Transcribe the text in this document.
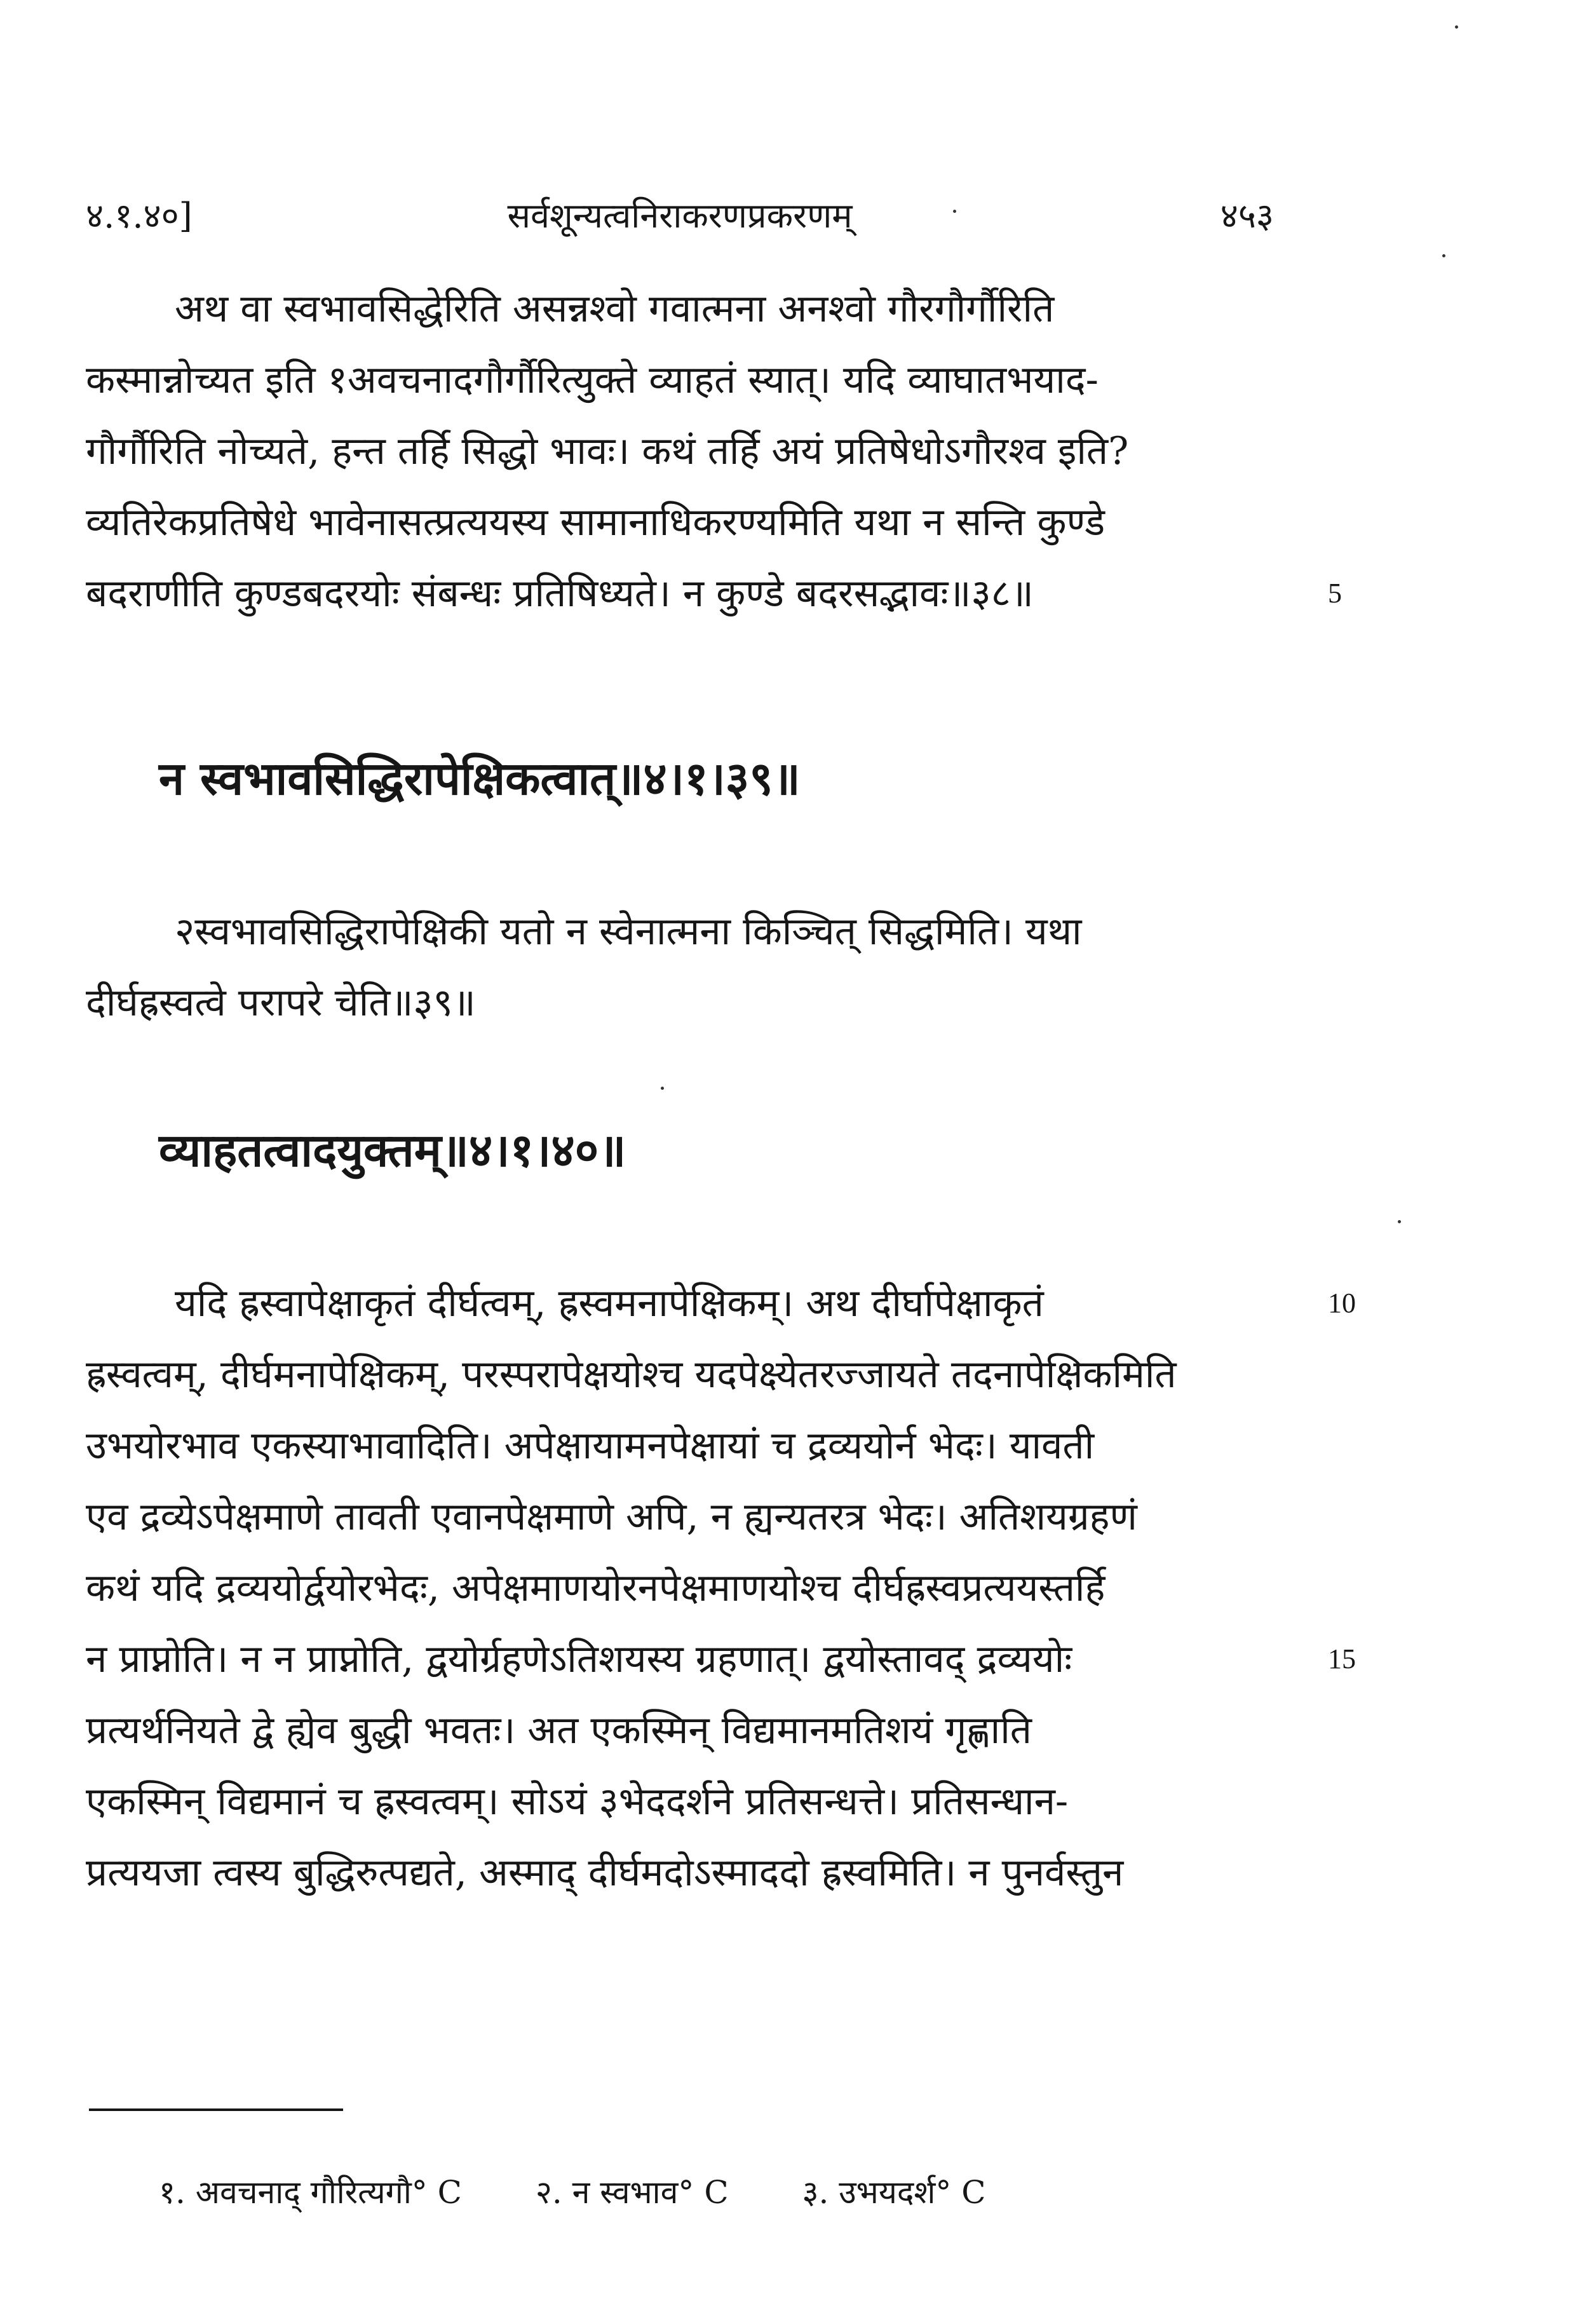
४.१.४०]	सर्वशून्यत्वनिराकरणप्रकरणम्	४५३
अथ वा स्वभावसिद्धेरिति असन्नश्वो गवात्मना अनश्वो गौरगौर्गौरिति
कस्मान्नोच्यत इति १अवचनादगौर्गौरित्युक्ते व्याहतं स्यात्। यदि व्याघातभयाद-
गौर्गौरिति नोच्यते, हन्त तर्हि सिद्धो भावः। कथं तर्हि अयं प्रतिषेधोऽगौरश्व इति?
व्यतिरेकप्रतिषेधे भावेनासत्प्रत्ययस्य सामानाधिकरण्यमिति यथा न सन्ति कुण्डे
बदराणीति कुण्डबदरयोः संबन्धः प्रतिषिध्यते। न कुण्डे बदरसद्भावः॥३८॥	5
न स्वभावसिद्धिरापेक्षिकत्वात्॥४।१।३९॥
२स्वभावसिद्धिरापेक्षिकी यतो न स्वेनात्मना किञ्चित् सिद्धमिति। यथा
दीर्घह्रस्वत्वे परापरे चेति॥३९॥
व्याहतत्वादयुक्तम्॥४।१।४०॥
यदि ह्रस्वापेक्षाकृतं दीर्घत्वम्, ह्रस्वमनापेक्षिकम्। अथ दीर्घापेक्षाकृतं
ह्रस्वत्वम्, दीर्घमनापेक्षिकम्, परस्परापेक्षयोश्च यदपेक्ष्येतरज्जायते तदनापेक्षिकमिति
उभयोरभाव एकस्याभावादिति। अपेक्षायामनपेक्षायां च द्रव्ययोर्न भेदः। यावती
एव द्रव्येऽपेक्षमाणे तावती एवानपेक्षमाणे अपि, न ह्यन्यतरत्र भेदः। अतिशयग्रहणं
कथं यदि द्रव्ययोर्द्वयोरभेदः, अपेक्षमाणयोरनपेक्षमाणयोश्च दीर्घह्रस्वप्रत्ययस्तर्हि
न प्राप्नोति। न न प्राप्नोति, द्वयोर्ग्रहणेऽतिशयस्य ग्रहणात्। द्वयोस्तावद् द्रव्ययोः
प्रत्यर्थनियते द्वे ह्येव बुद्धी भवतः। अत एकस्मिन् विद्यमानमतिशयं गृह्णाति
एकस्मिन् विद्यमानं च ह्रस्वत्वम्। सोऽयं ३भेददर्शने प्रतिसन्धत्ते। प्रतिसन्धान-
प्रत्ययजा त्वस्य बुद्धिरुत्पद्यते, अस्माद् दीर्घमदोऽस्माददो ह्रस्वमिति। न पुनर्वस्तुन
10
15
१. अवचनाद् गौरित्यगौ° C २. न स्वभाव° C ३. उभयदर्श° C
